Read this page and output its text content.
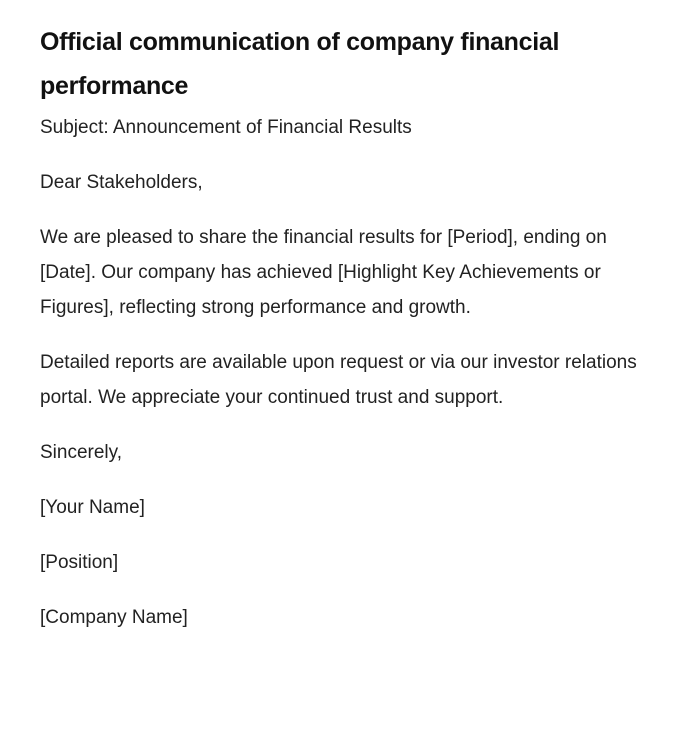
Official communication of company financial performance

Subject: Announcement of Financial Results

Dear Stakeholders,

We are pleased to share the financial results for [Period], ending on [Date]. Our company has achieved [Highlight Key Achievements or Figures], reflecting strong performance and growth.

Detailed reports are available upon request or via our investor relations portal. We appreciate your continued trust and support.

Sincerely,

[Your Name]

[Position]

[Company Name]
